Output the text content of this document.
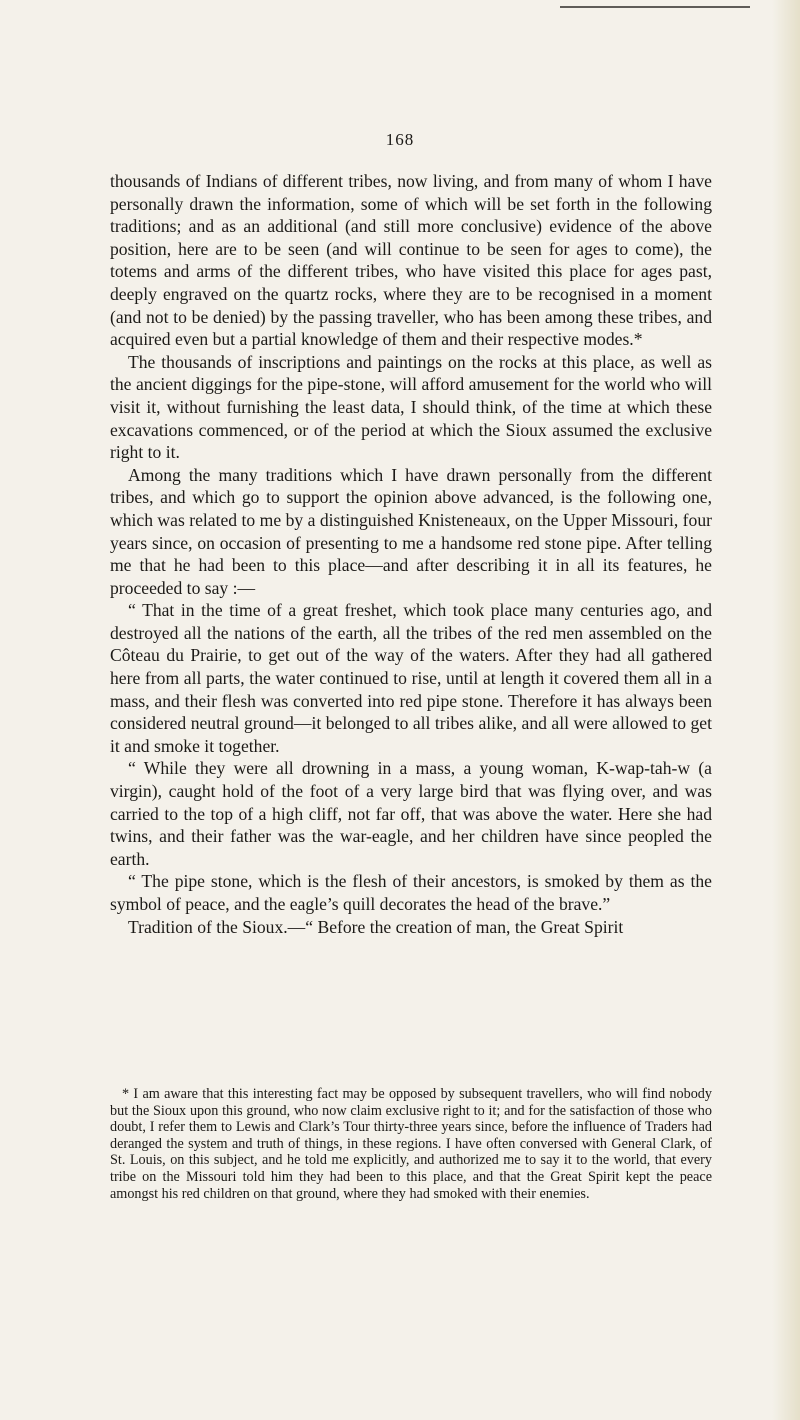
168

thousands of Indians of different tribes, now living, and from many of whom I have personally drawn the information, some of which will be set forth in the following traditions; and as an additional (and still more conclusive) evidence of the above position, here are to be seen (and will continue to be seen for ages to come), the totems and arms of the different tribes, who have visited this place for ages past, deeply engraved on the quartz rocks, where they are to be recognised in a moment (and not to be denied) by the passing traveller, who has been among these tribes, and acquired even but a partial knowledge of them and their respective modes.*

The thousands of inscriptions and paintings on the rocks at this place, as well as the ancient diggings for the pipe-stone, will afford amusement for the world who will visit it, without furnishing the least data, I should think, of the time at which these excavations commenced, or of the period at which the Sioux assumed the exclusive right to it.

Among the many traditions which I have drawn personally from the different tribes, and which go to support the opinion above advanced, is the following one, which was related to me by a distinguished Knisteneaux, on the Upper Missouri, four years since, on occasion of presenting to me a handsome red stone pipe. After telling me that he had been to this place—and after describing it in all its features, he proceeded to say :—

“ That in the time of a great freshet, which took place many centuries ago, and destroyed all the nations of the earth, all the tribes of the red men assembled on the Côteau du Prairie, to get out of the way of the waters. After they had all gathered here from all parts, the water continued to rise, until at length it covered them all in a mass, and their flesh was converted into red pipe stone. Therefore it has always been considered neutral ground—it belonged to all tribes alike, and all were allowed to get it and smoke it together.

“ While they were all drowning in a mass, a young woman, K-wap-tah-w (a virgin), caught hold of the foot of a very large bird that was flying over, and was carried to the top of a high cliff, not far off, that was above the water. Here she had twins, and their father was the war-eagle, and her children have since peopled the earth.

“ The pipe stone, which is the flesh of their ancestors, is smoked by them as the symbol of peace, and the eagle’s quill decorates the head of the brave.”

Tradition of the Sioux.—“ Before the creation of man, the Great Spirit

* I am aware that this interesting fact may be opposed by subsequent travellers, who will find nobody but the Sioux upon this ground, who now claim exclusive right to it; and for the satisfaction of those who doubt, I refer them to Lewis and Clark’s Tour thirty-three years since, before the influence of Traders had deranged the system and truth of things, in these regions. I have often conversed with General Clark, of St. Louis, on this subject, and he told me explicitly, and authorized me to say it to the world, that every tribe on the Missouri told him they had been to this place, and that the Great Spirit kept the peace amongst his red children on that ground, where they had smoked with their enemies.
